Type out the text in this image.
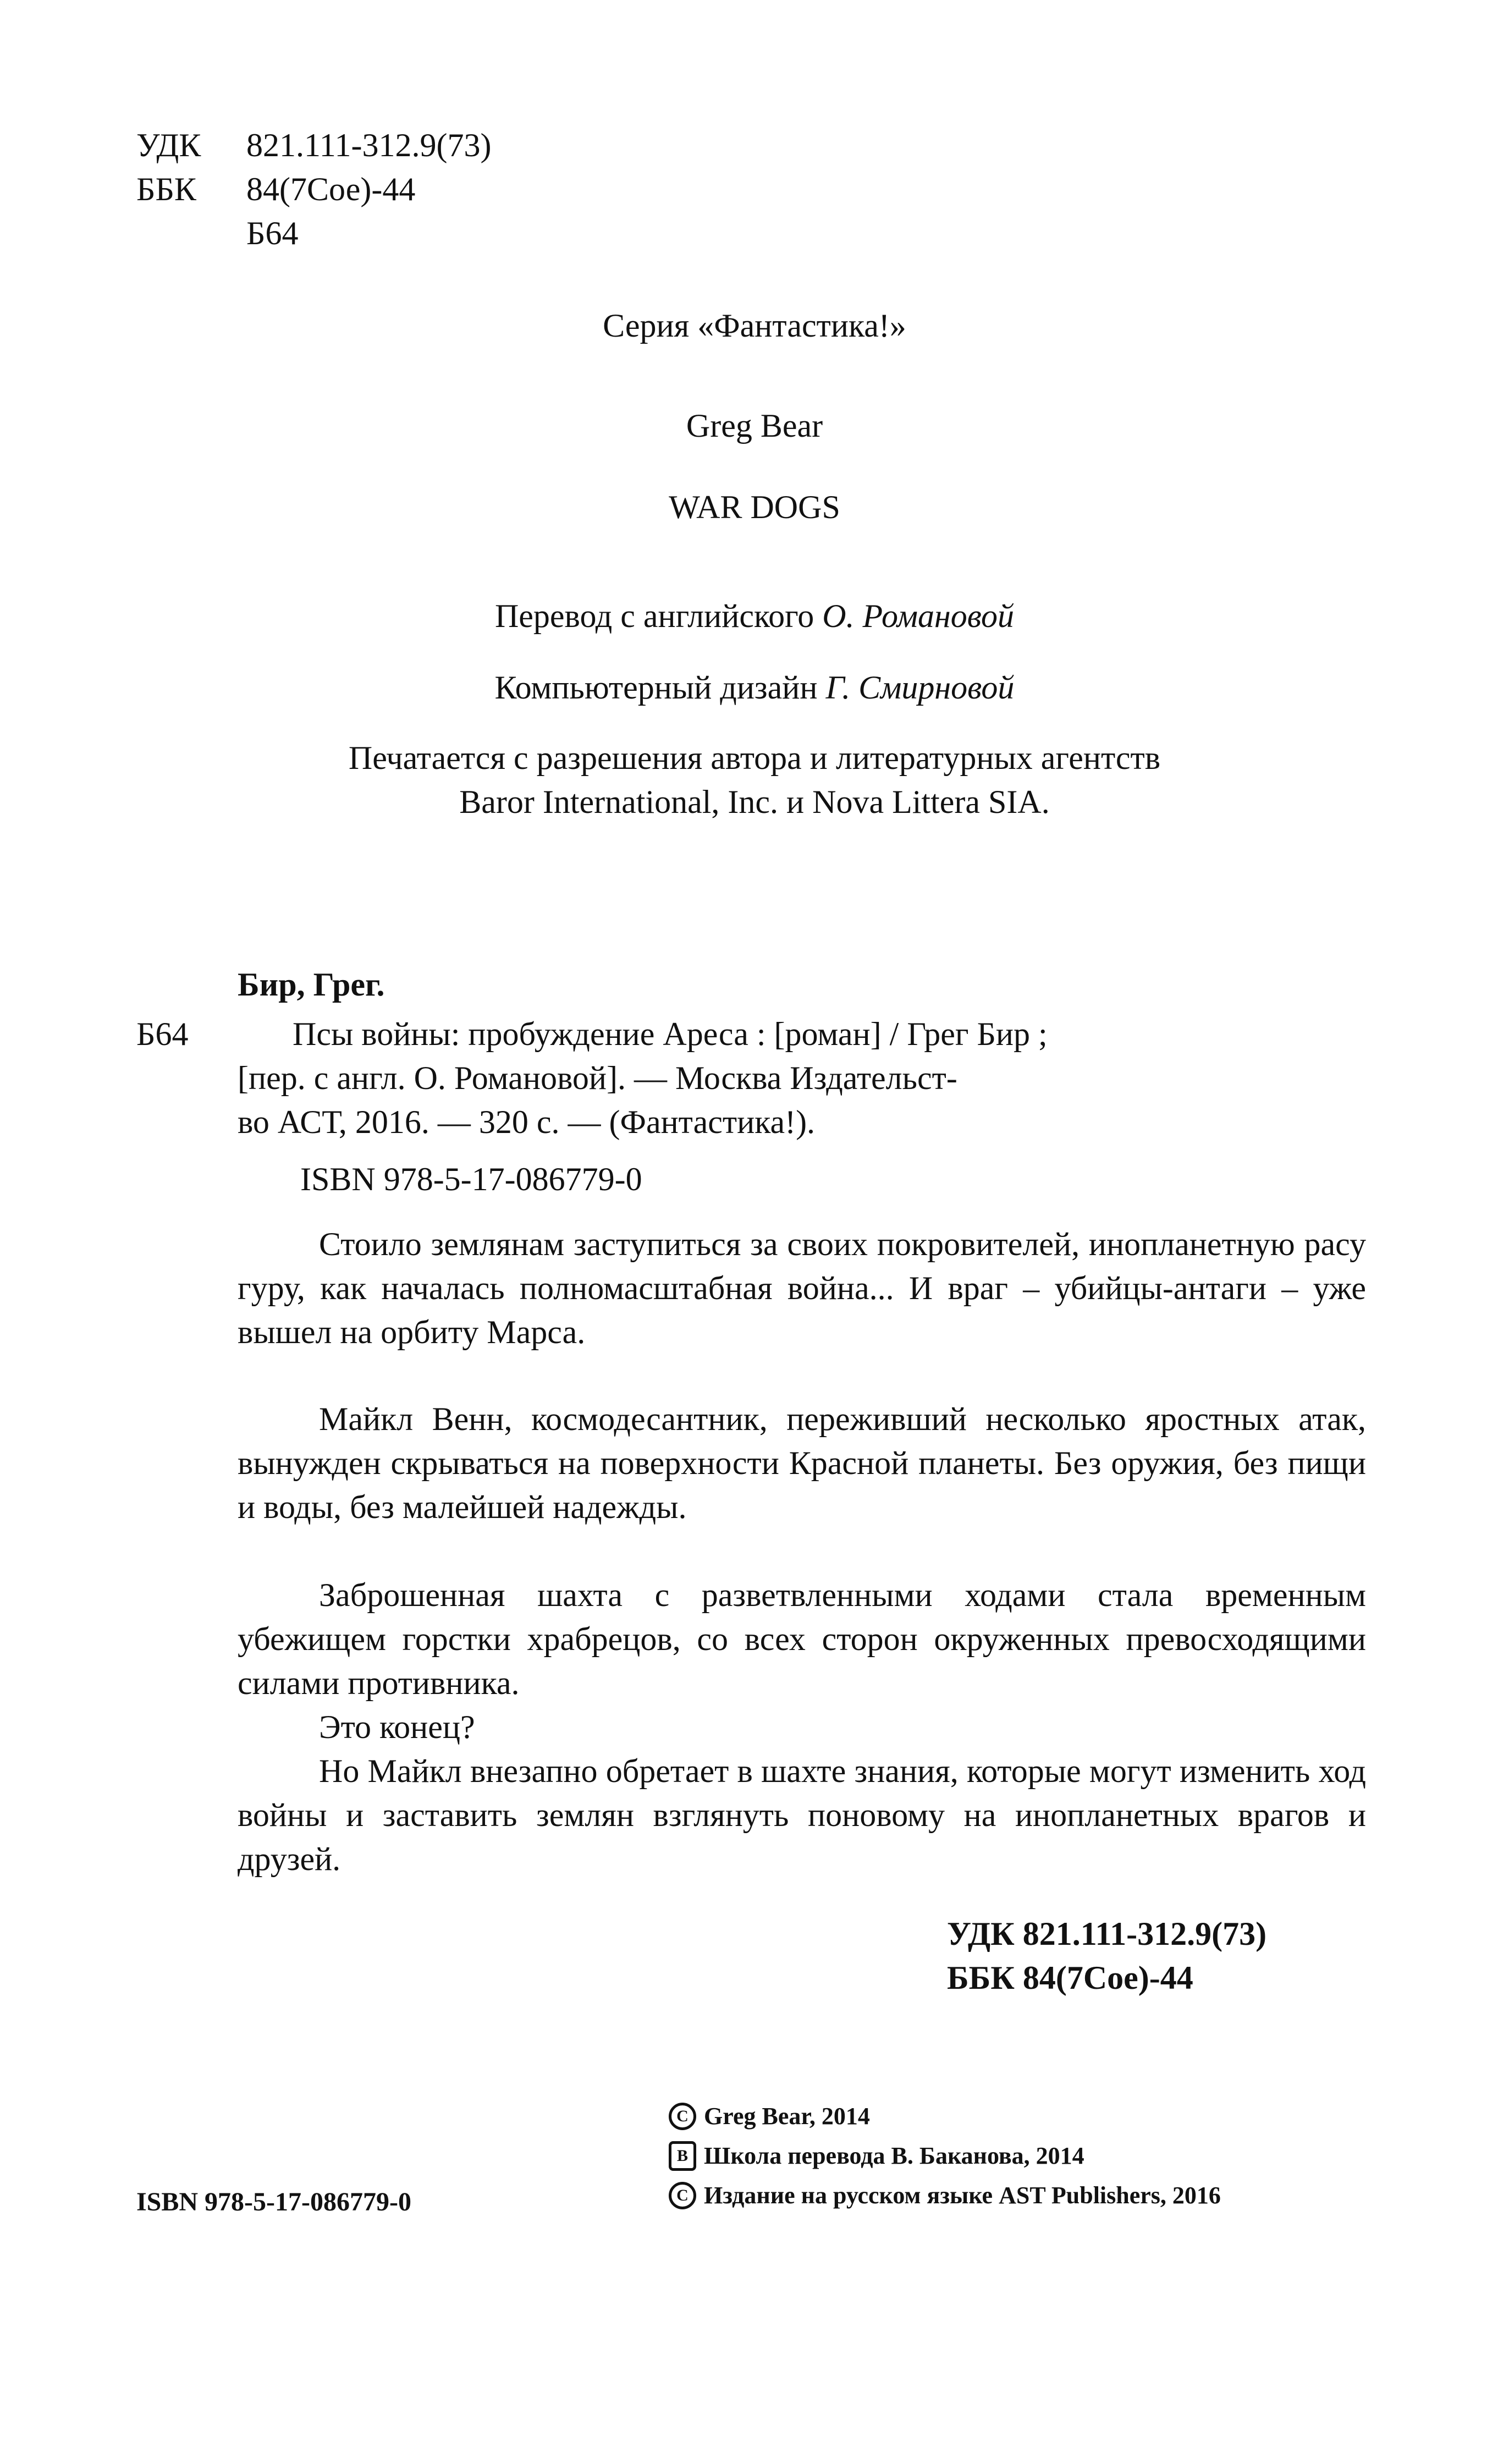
УДК	821.111-312.9(73)
ББК	84(7Сое)-44
Б64
Серия «Фантастика!»
Greg Bear
WAR DOGS
Перевод с английского О. Романовой
Компьютерный дизайн Г. Смирновой
Печатается с разрешения автора и литературных агентств
Baror International, Inc. и Nova Littera SIA.
Бир, Грег.
Б64	Псы войны: пробуждение Ареса : [роман] / Грег Бир ;
[пер. с англ. О. Романовой]. — Москва Издательст-
во АСТ, 2016. — 320 с. — (Фантастика!).
ISBN 978-5-17-086779-0
Стоило землянам заступиться за своих покровителей, инопланетную расу гуру, как началась полномасштабная война... И враг – убийцы-антаги – уже вышел на орбиту Марса.
Майкл Венн, космодесантник, переживший несколько яростных атак, вынужден скрываться на поверхности Красной планеты. Без оружия, без пищи и воды, без малейшей надежды.
Заброшенная шахта с разветвленными ходами стала временным убежищем горстки храбрецов, со всех сторон окруженных превосходящими силами противника.
Это конец?
Но Майкл внезапно обретает в шахте знания, которые могут изменить ход войны и заставить землян взглянуть поновому на инопланетных врагов и друзей.
УДК 821.111-312.9(73)
ББК 84(7Сое)-44
ISBN 978-5-17-086779-0
C Greg Bear, 2014
B Школа перевода В. Баканова, 2014
C Издание на русском языке AST Publishers, 2016
